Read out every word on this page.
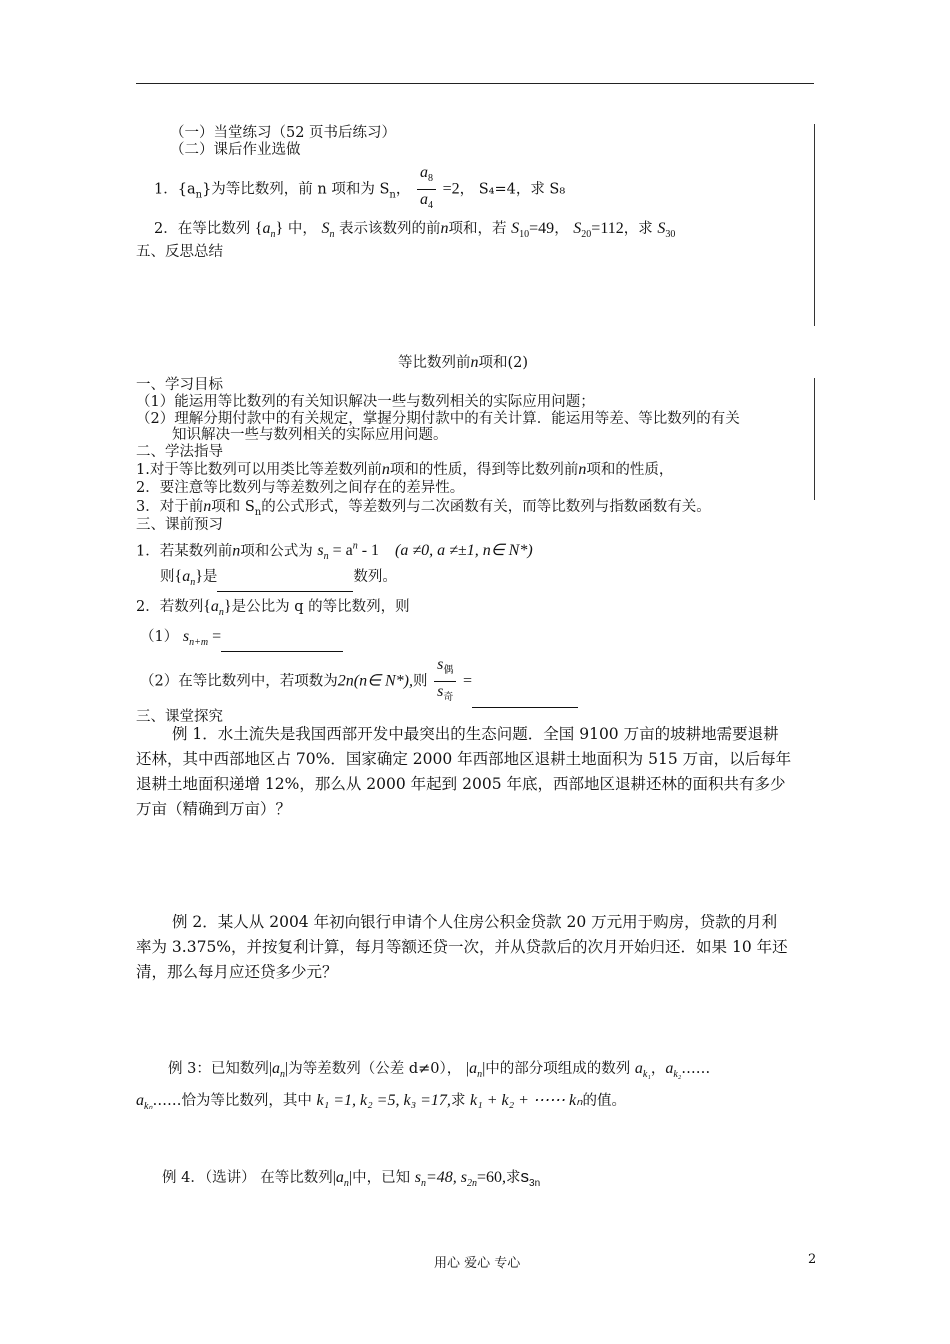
（一）当堂练习（52 页书后练习）
（二）课后作业选做
1．$\{a_n\}$为等比数列，前 n 项和为 $S_n$， $\frac{a_8}{a_4} =2$， S₄=4，求 S₈
2．在等比数列 $\{a_n\}$ 中， $S_n$ 表示该数列的前n项和，若 $S_{10}=49$， $S_{20}=112$，求 $S_{30}$
五、反思总结
等比数列前n项和(2)
一、学习目标
（1）能运用等比数列的有关知识解决一些与数列相关的实际应用问题；
（2）理解分期付款中的有关规定，掌握分期付款中的有关计算．能运用等差、等比数列的有关
知识解决一些与数列相关的实际应用问题。
二、学法指导
1.对于等比数列可以用类比等差数列前n项和的性质，得到等比数列前n项和的性质，
2．要注意等比数列与等差数列之间存在的差异性。
3．对于前n项和 $S_n$的公式形式，等差数列与二次函数有关，而等比数列与指数函数有关。
三、课前预习
1．若某数列前n项和公式为 $s_n = a^n - 1$ (a ≠0, a ≠±1, n∈ N*)
则$\{a_n\}$是	数列。
2．若数列$\{a_n\}$是公比为 q 的等比数列，则
（1） $s_{n+m}$ =
（2）在等比数列中，若项数为2n(n∈ N*),则 $\frac{s_偶}{s_奇}$ =
三、课堂探究
例 1．水土流失是我国西部开发中最突出的生态问题．全国 9100 万亩的坡耕地需要退耕
还林，其中西部地区占 70%．国家确定 2000 年西部地区退耕土地面积为 515 万亩，以后每年
退耕土地面积递增 12%，那么从 2000 年起到 2005 年底，西部地区退耕还林的面积共有多少
万亩（精确到万亩）？
例 2．某人从 2004 年初向银行申请个人住房公积金贷款 20 万元用于购房，贷款的月利
率为 3.375%，并按复利计算，每月等额还贷一次，并从贷款后的次月开始归还．如果 10 年还
清，那么每月应还贷多少元？
例 3：已知数列$|a_n|$为等差数列（公差 d≠0）， $|a_n|$中的部分项组成的数列 $a_{k_1}$，$a_{k_2}\dots\dots$
$a_{k_n}\dots\dots$恰为等比数列，其中 k₁ =1, k₂ =5, k₃ =17,求 k₁ + k₂ + ⋯⋯ kₙ的值。
例 4．（选讲） 在等比数列$|a_n|$中，已知 $s_n=48$, $s_{2n}=60$,求$s_{3n}$
用心 爱心 专心	2
